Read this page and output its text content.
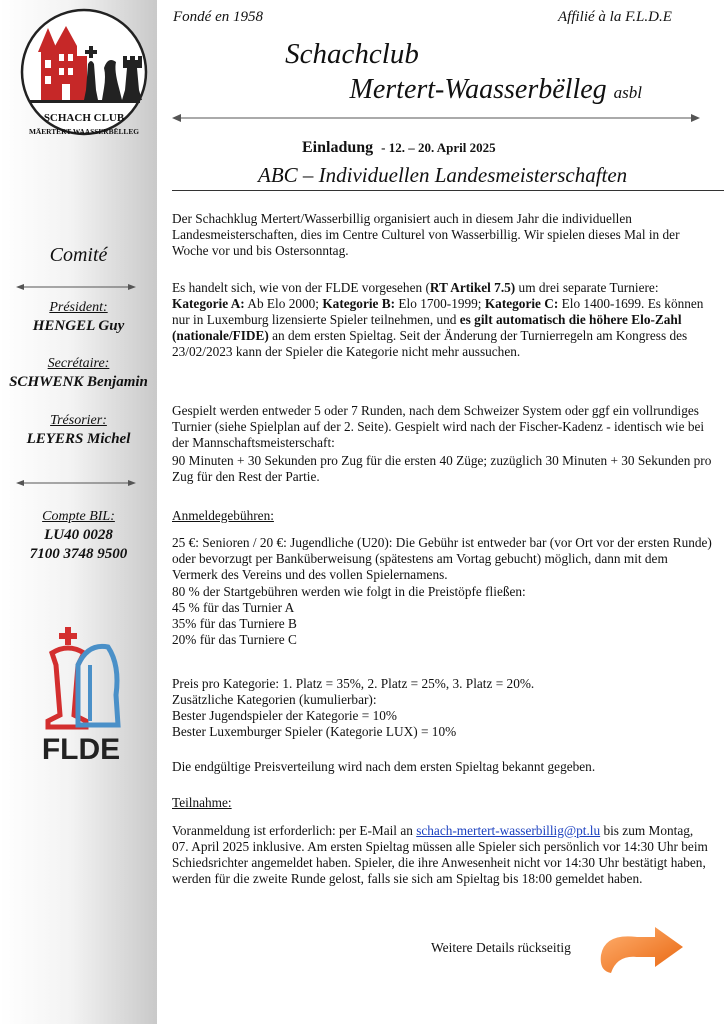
SCHACH CLUB
MÄERTERT-WAASSERBËLLEG
Comité
Président:
HENGEL Guy
Secrétaire:
SCHWENK Benjamin
Trésorier:
LEYERS Michel
Compte BIL:
LU40 0028
7100 3748 9500
FLDE
Fondé en 1958	Affilié à la F.L.D.E
Schachclub
Mertert-Waasserbëlleg asbl
Einladung - 12. – 20. April 2025
ABC – Individuellen Landesmeisterschaften
Der Schachklug Mertert/Wasserbillig organisiert auch in diesem Jahr die individuellen Landesmeisterschaften, dies im Centre Culturel von Wasserbillig. Wir spielen dieses Mal in der Woche vor und bis Ostersonntag.
Es handelt sich, wie von der FLDE vorgesehen (RT Artikel 7.5) um drei separate Turniere: Kategorie A: Ab Elo 2000; Kategorie B: Elo 1700-1999; Kategorie C: Elo 1400-1699. Es können nur in Luxemburg lizensierte Spieler teilnehmen, und es gilt automatisch die höhere Elo-Zahl (nationale/FIDE) an dem ersten Spieltag. Seit der Änderung der Turnierregeln am Kongress des 23/02/2023 kann der Spieler die Kategorie nicht mehr aussuchen.
Gespielt werden entweder 5 oder 7 Runden, nach dem Schweizer System oder ggf ein vollrundiges Turnier (siehe Spielplan auf der 2. Seite). Gespielt wird nach der Fischer-Kadenz - identisch wie bei der Mannschaftsmeisterschaft:
90 Minuten + 30 Sekunden pro Zug für die ersten 40 Züge; zuzüglich 30 Minuten + 30 Sekunden pro Zug für den Rest der Partie.
Anmeldegebühren:
25 €: Senioren / 20 €: Jugendliche (U20): Die Gebühr ist entweder bar (vor Ort vor der ersten Runde) oder bevorzugt per Banküberweisung (spätestens am Vortag gebucht) möglich, dann mit dem Vermerk des Vereins und des vollen Spielernamens.
80 % der Startgebühren werden wie folgt in die Preistöpfe fließen:
45 % für das Turnier A
35% für das Turniere B
20% für das Turniere C
Preis pro Kategorie: 1. Platz = 35%, 2. Platz = 25%, 3. Platz = 20%.
Zusätzliche Kategorien (kumulierbar):
Bester Jugendspieler der Kategorie = 10%
Bester Luxemburger Spieler (Kategorie LUX) = 10%
Die endgültige Preisverteilung wird nach dem ersten Spieltag bekannt gegeben.
Teilnahme:
Voranmeldung ist erforderlich: per E-Mail an schach-mertert-wasserbillig@pt.lu bis zum Montag, 07. April 2025 inklusive. Am ersten Spieltag müssen alle Spieler sich persönlich vor 14:30 Uhr beim Schiedsrichter angemeldet haben. Spieler, die ihre Anwesenheit nicht vor 14:30 Uhr bestätigt haben, werden für die zweite Runde gelost, falls sie sich am Spieltag bis 18:00 gemeldet haben.
Weitere Details rückseitig
